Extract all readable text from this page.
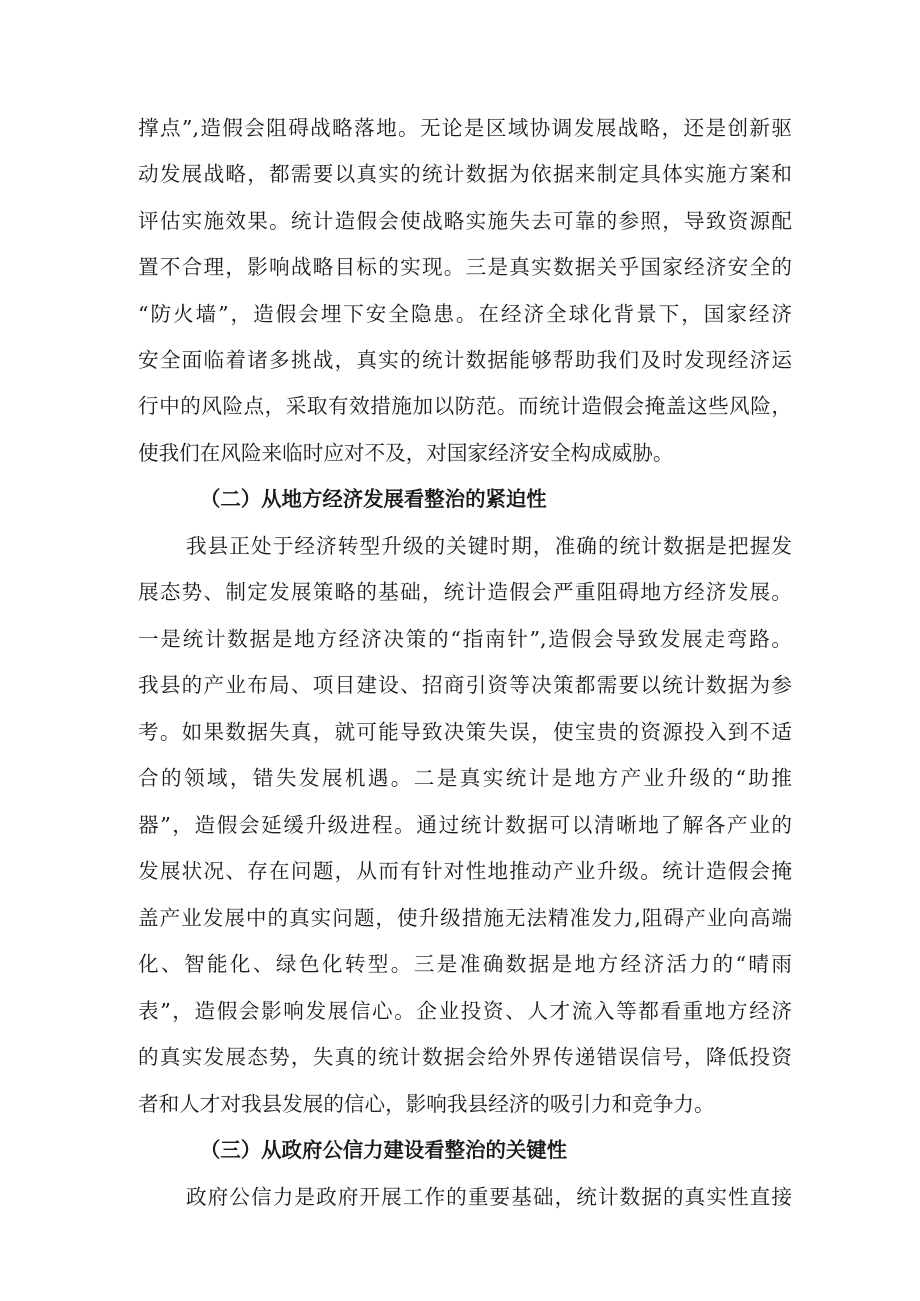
撑点”,造假会阻碍战略落地。无论是区域协调发展战略，还是创新驱
动发展战略，都需要以真实的统计数据为依据来制定具体实施方案和
评估实施效果。统计造假会使战略实施失去可靠的参照，导致资源配
置不合理，影响战略目标的实现。三是真实数据关乎国家经济安全的
“防火墙”，造假会埋下安全隐患。在经济全球化背景下，国家经济
安全面临着诸多挑战，真实的统计数据能够帮助我们及时发现经济运
行中的风险点，采取有效措施加以防范。而统计造假会掩盖这些风险，
使我们在风险来临时应对不及，对国家经济安全构成威胁。
（二）从地方经济发展看整治的紧迫性
我县正处于经济转型升级的关键时期，准确的统计数据是把握发
展态势、制定发展策略的基础，统计造假会严重阻碍地方经济发展。
一是统计数据是地方经济决策的“指南针”,造假会导致发展走弯路。
我县的产业布局、项目建设、招商引资等决策都需要以统计数据为参
考。如果数据失真，就可能导致决策失误，使宝贵的资源投入到不适
合的领域，错失发展机遇。二是真实统计是地方产业升级的“助推
器”，造假会延缓升级进程。通过统计数据可以清晰地了解各产业的
发展状况、存在问题，从而有针对性地推动产业升级。统计造假会掩
盖产业发展中的真实问题，使升级措施无法精准发力,阻碍产业向高端
化、智能化、绿色化转型。三是准确数据是地方经济活力的“晴雨
表”，造假会影响发展信心。企业投资、人才流入等都看重地方经济
的真实发展态势，失真的统计数据会给外界传递错误信号，降低投资
者和人才对我县发展的信心，影响我县经济的吸引力和竞争力。
（三）从政府公信力建设看整治的关键性
政府公信力是政府开展工作的重要基础，统计数据的真实性直接
